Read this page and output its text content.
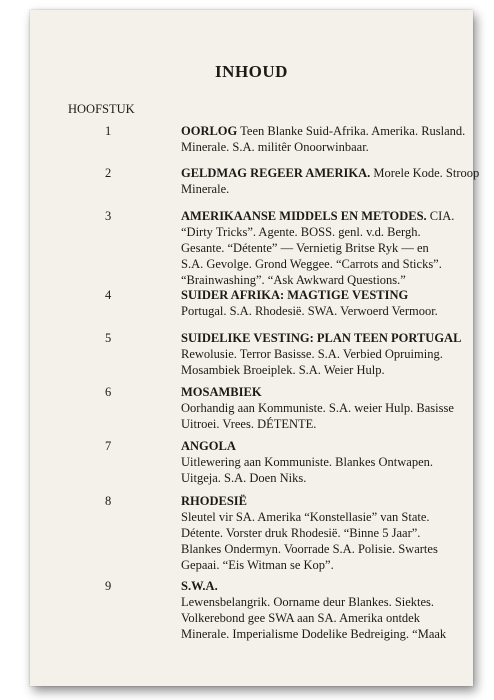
INHOUD
HOOFSTUK
1	OORLOG Teen Blanke Suid-Afrika. Amerika. Rusland.
Minerale. S.A. militêr Onoorwinbaar.
2	GELDMAG REGEER AMERIKA. Morele Kode. Stroop
Minerale.
3	AMERIKAANSE MIDDELS EN METODES. CIA.
“Dirty Tricks”. Agente. BOSS. genl. v.d. Bergh.
Gesante. “Détente” — Vernietig Britse Ryk — en
S.A. Gevolge. Grond Weggee. “Carrots and Sticks”.
“Brainwashing”. “Ask Awkward Questions.”
4	SUIDER AFRIKA: MAGTIGE VESTING
Portugal. S.A. Rhodesië. SWA. Verwoerd Vermoor.
5	SUIDELIKE VESTING: PLAN TEEN PORTUGAL
Rewolusie. Terror Basisse. S.A. Verbied Opruiming.
Mosambiek Broeiplek. S.A. Weier Hulp.
6	MOSAMBIEK
Oorhandig aan Kommuniste. S.A. weier Hulp. Basisse
Uitroei. Vrees. DÉTENTE.
7	ANGOLA
Uitlewering aan Kommuniste. Blankes Ontwapen.
Uitgeja. S.A. Doen Niks.
8	RHODESIË
Sleutel vir SA. Amerika “Konstellasie” van State.
Détente. Vorster druk Rhodesië. “Binne 5 Jaar”.
Blankes Ondermyn. Voorrade S.A. Polisie. Swartes
Gepaai. “Eis Witman se Kop”.
9	S.W.A.
Lewensbelangrik. Oorname deur Blankes. Siektes.
Volkerebond gee SWA aan SA. Amerika ontdek
Minerale. Imperialisme Dodelike Bedreiging. “Maak
